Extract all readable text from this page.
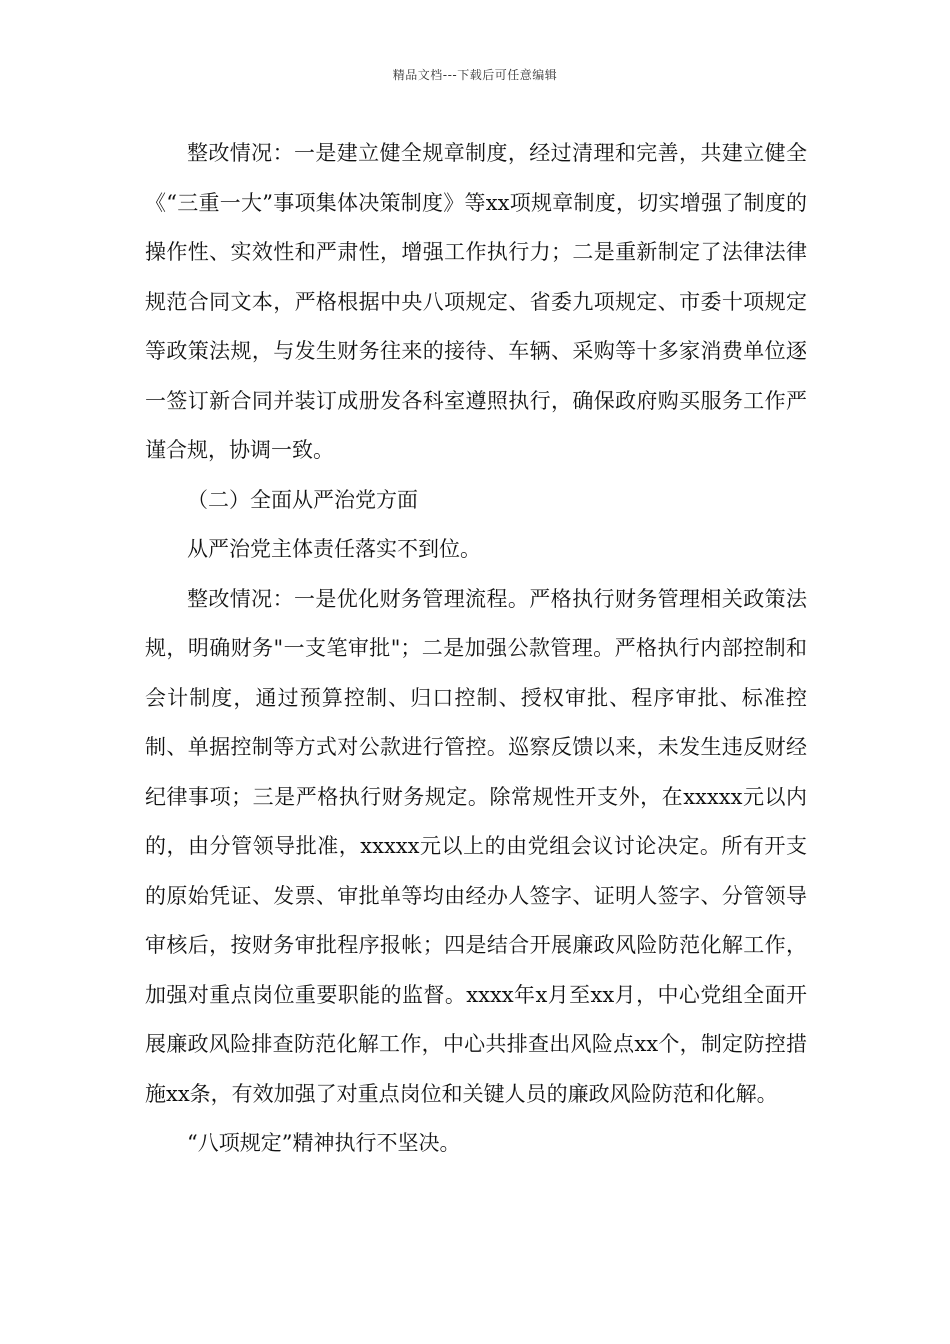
精品文档---下载后可任意编辑

整改情况：一是建立健全规章制度，经过清理和完善，共建立健全《“三重一大”事项集体决策制度》等xx项规章制度，切实增强了制度的操作性、实效性和严肃性，增强工作执行力；二是重新制定了法律法律规范合同文本，严格根据中央八项规定、省委九项规定、市委十项规定等政策法规，与发生财务往来的接待、车辆、采购等十多家消费单位逐一签订新合同并装订成册发各科室遵照执行，确保政府购买服务工作严谨合规，协调一致。

（二）全面从严治党方面

从严治党主体责任落实不到位。

整改情况：一是优化财务管理流程。严格执行财务管理相关政策法规，明确财务"一支笔审批"；二是加强公款管理。严格执行内部控制和会计制度，通过预算控制、归口控制、授权审批、程序审批、标准控制、单据控制等方式对公款进行管控。巡察反馈以来，未发生违反财经纪律事项；三是严格执行财务规定。除常规性开支外，在xxxxx元以内的，由分管领导批准，xxxxx元以上的由党组会议讨论决定。所有开支的原始凭证、发票、审批单等均由经办人签字、证明人签字、分管领导审核后，按财务审批程序报帐；四是结合开展廉政风险防范化解工作，加强对重点岗位重要职能的监督。xxxx年x月至xx月，中心党组全面开展廉政风险排查防范化解工作，中心共排查出风险点xx个，制定防控措施xx条，有效加强了对重点岗位和关键人员的廉政风险防范和化解。

“八项规定”精神执行不坚决。
